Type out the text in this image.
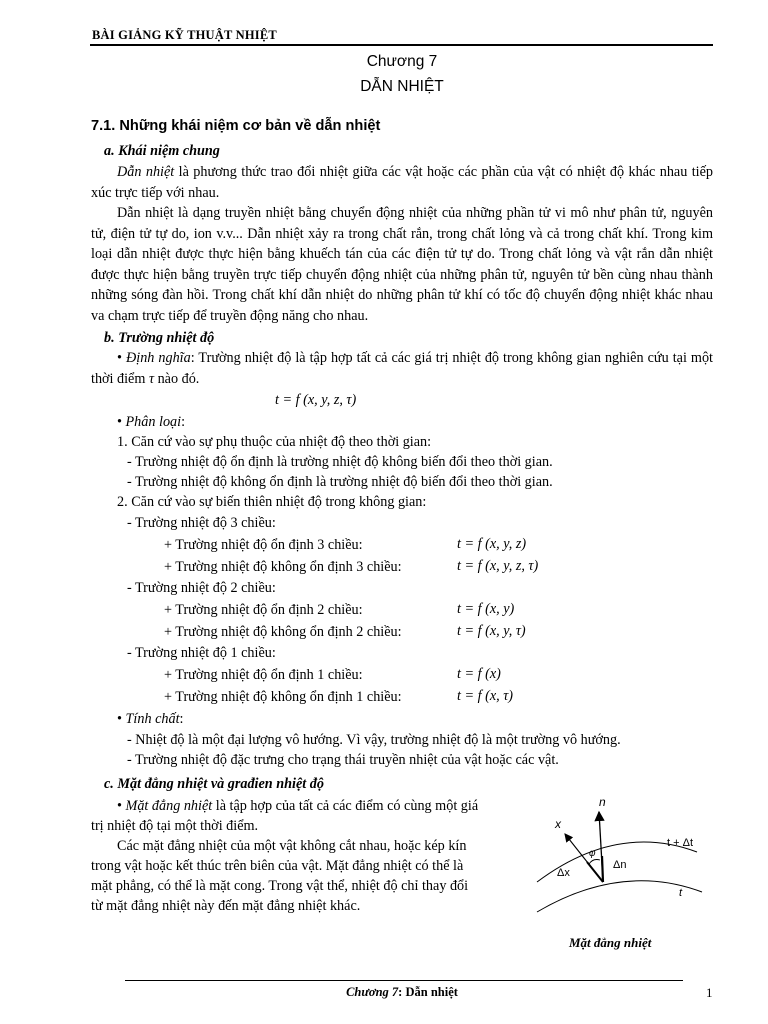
BÀI GIẢNG KỸ THUẬT NHIỆT
Chương 7
DẪN NHIỆT
7.1. Những khái niệm cơ bản về dẫn nhiệt
a. Khái niệm chung

Dẫn nhiệt là phương thức trao đổi nhiệt giữa các vật hoặc các phần của vật có nhiệt độ khác nhau tiếp xúc trực tiếp với nhau.

Dẫn nhiệt là dạng truyền nhiệt bằng chuyển động nhiệt của những phần tử vi mô như phân tử, nguyên tử, điện tử tự do, ion v.v... Dẫn nhiệt xảy ra trong chất rắn, trong chất lỏng và cả trong chất khí. Trong kim loại dẫn nhiệt được thực hiện bằng khuếch tán của các điện tử tự do. Trong chất lỏng và vật rắn dẫn nhiệt được thực hiện bằng truyền trực tiếp chuyển động nhiệt của những phân tử, nguyên tử bền cùng nhau thành những sóng đàn hồi. Trong chất khí dẫn nhiệt do những phân tử khí có tốc độ chuyển động nhiệt khác nhau va chạm trực tiếp để truyền động năng cho nhau.

b. Trường nhiệt độ

• Định nghĩa: Trường nhiệt độ là tập hợp tất cả các giá trị nhiệt độ trong không gian nghiên cứu tại một thời điểm τ nào đó.

t = f (x, y, z, τ)
• Phân loại:
1. Căn cứ vào sự phụ thuộc của nhiệt độ theo thời gian:
- Trường nhiệt độ ổn định là trường nhiệt độ không biến đổi theo thời gian.
- Trường nhiệt độ không ổn định là trường nhiệt độ biến đổi theo thời gian.
2. Căn cứ vào sự biến thiên nhiệt độ trong không gian:
- Trường nhiệt độ 3 chiều:
+ Trường nhiệt độ ổn định 3 chiều:	t = f (x, y, z)
+ Trường nhiệt độ không ổn định 3 chiều:	t = f (x, y, z, τ)
- Trường nhiệt độ 2 chiều:
+ Trường nhiệt độ ổn định 2 chiều:	t = f (x, y)
+ Trường nhiệt độ không ổn định 2 chiều:	t = f (x, y, τ)
- Trường nhiệt độ 1 chiều:
+ Trường nhiệt độ ổn định 1 chiều:	t = f (x)
+ Trường nhiệt độ không ổn định 1 chiều:	t = f (x, τ)
• Tính chất:
- Nhiệt độ là một đại lượng vô hướng. Vì vậy, trường nhiệt độ là một trường vô hướng.
- Trường nhiệt độ đặc trưng cho trạng thái truyền nhiệt của vật hoặc các vật.
c. Mặt đẳng nhiệt và građien nhiệt độ
• Mặt đẳng nhiệt là tập hợp của tất cả các điểm có cùng một giá
trị nhiệt độ tại một thời điểm.
Các mặt đẳng nhiệt của một vật không cắt nhau, hoặc kép kín
trong vật hoặc kết thúc trên biên của vật. Mặt đẳng nhiệt có thể là
mặt phẳng, có thể là mặt cong. Trong vật thể, nhiệt độ chỉ thay đổi
từ mặt đẳng nhiệt này đến mặt đẳng nhiệt khác.
n
x
φ
Δn
Δx
t + Δt
t
Mặt đẳng nhiệt
Chương 7: Dẫn nhiệt	1
